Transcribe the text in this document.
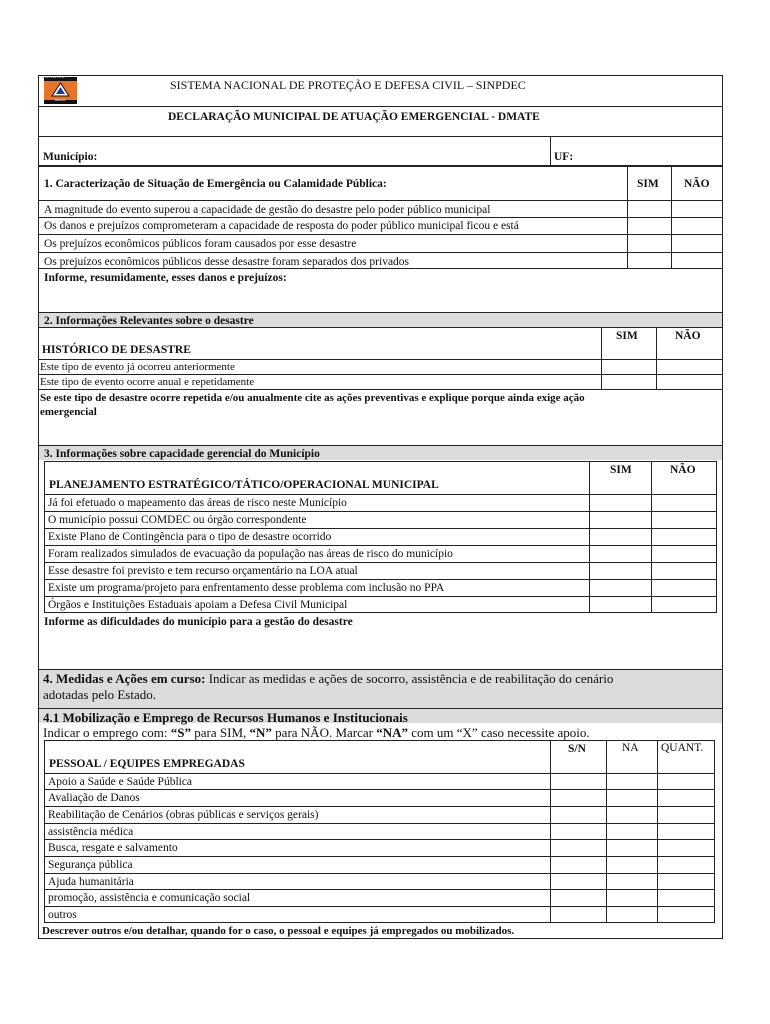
DEFESA CIVIL
BRASIL
SISTEMA NACIONAL DE PROTEÇÃO E DEFESA CIVIL – SINPDEC
DECLARAÇÃO MUNICIPAL DE ATUAÇÃO EMERGENCIAL - DMATE
Município:	UF:
1. Caracterização de Situação de Emergência ou Calamidade Pública:	SIM NÃO
A magnitude do evento superou a capacidade de gestão do desastre pelo poder público municipal
Os danos e prejuízos comprometeram a capacidade de resposta do poder público municipal ficou e está
Os prejuízos econômicos públicos foram causados por esse desastre
Os prejuízos econômicos públicos desse desastre foram separados dos privados
Informe, resumidamente, esses danos e prejuízos:
2. Informações Relevantes sobre o desastre
SIM	NÃO
HISTÓRICO DE DESASTRE
Este tipo de evento já ocorreu anteriormente
Este tipo de evento ocorre anual e repetidamente
Se este tipo de desastre ocorre repetida e/ou anualmente cite as ações preventivas e explique porque ainda exige ação
emergencial
3. Informações sobre capacidade gerencial do Município
SIM	NÃO
PLANEJAMENTO ESTRATÉGICO/TÁTICO/OPERACIONAL MUNICIPAL
Já foi efetuado o mapeamento das áreas de risco neste Município
O município possui COMDEC ou órgão correspondente
Existe Plano de Contingência para o tipo de desastre ocorrido
Foram realizados simulados de evacuação da população nas áreas de risco do município
Esse desastre foi previsto e tem recurso orçamentário na LOA atual
Existe um programa/projeto para enfrentamento desse problema com inclusão no PPA
Órgãos e Instituições Estaduais apoiam a Defesa Civil Municipal
Informe as dificuldades do município para a gestão do desastre
4. Medidas e Ações em curso: Indicar as medidas e ações de socorro, assistência e de reabilitação do cenário
adotadas pelo Estado.
4.1 Mobilização e Emprego de Recursos Humanos e Institucionais
Indicar o emprego com: “S” para SIM, “N” para NÃO. Marcar “NA” com um “X” caso necessite apoio.
S/N	NA QUANT.
PESSOAL / EQUIPES EMPREGADAS
Apoio a Saúde e Saúde Pública
Avaliação de Danos
Reabilitação de Cenários (obras públicas e serviços gerais)
assistência médica
Busca, resgate e salvamento
Segurança pública
Ajuda humanitária
promoção, assistência e comunicação social
outros
Descrever outros e/ou detalhar, quando for o caso, o pessoal e equipes já empregados ou mobilizados.
